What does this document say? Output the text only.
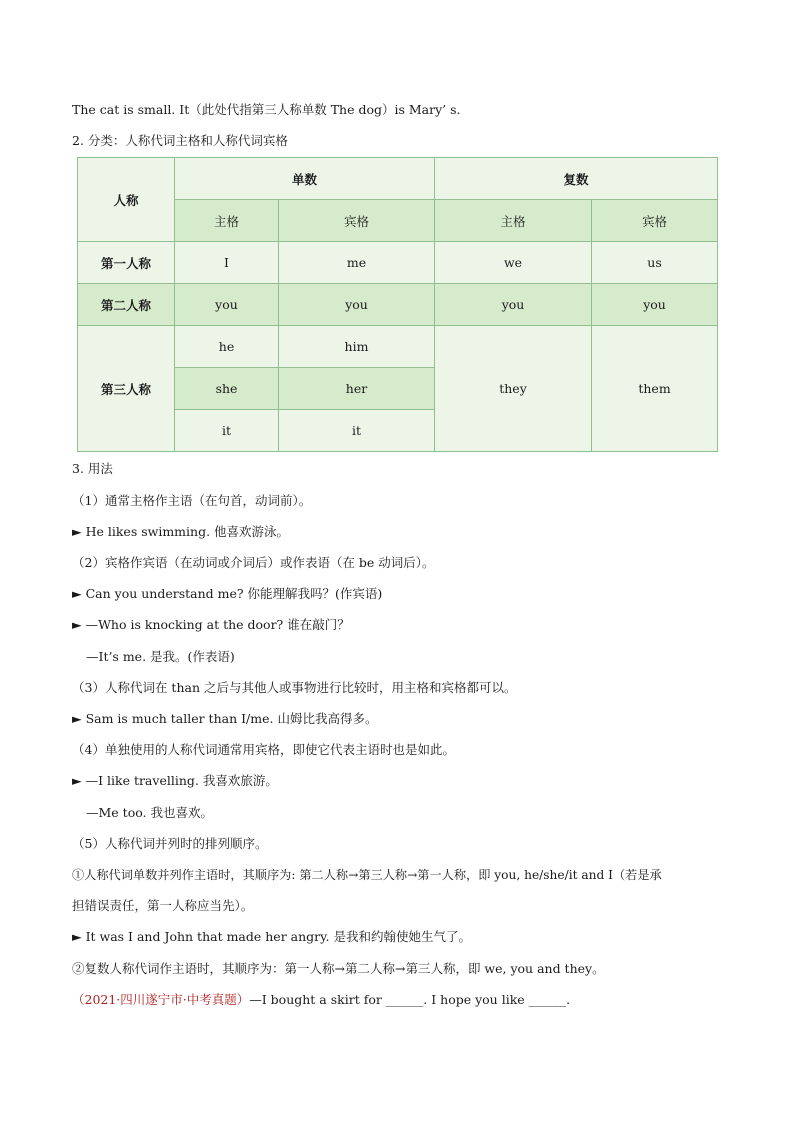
The cat is small. It（此处代指第三人称单数 The dog）is Mary’ s.
2. 分类：人称代词主格和人称代词宾格
人称	单数		复数	
	主格	宾格	主格	宾格
第一人称	I	me	we	us
第二人称	you	you	you	you
第三人称	he	him	they	them
	she	her		
	it	it		
3. 用法
（1）通常主格作主语（在句首，动词前）。
► He likes swimming. 他喜欢游泳。
（2）宾格作宾语（在动词或介词后）或作表语（在 be 动词后）。
► Can you understand me? 你能理解我吗？(作宾语)
► —Who is knocking at the door? 谁在敲门？
—It’s me. 是我。(作表语)
（3）人称代词在 than 之后与其他人或事物进行比较时，用主格和宾格都可以。
► Sam is much taller than I/me. 山姆比我高得多。
（4）单独使用的人称代词通常用宾格，即使它代表主语时也是如此。
► —I like travelling. 我喜欢旅游。
—Me too. 我也喜欢。
（5）人称代词并列时的排列顺序。
①人称代词单数并列作主语时，其顺序为: 第二人称→第三人称→第一人称，即 you, he/she/it and I（若是承
担错误责任，第一人称应当先）。
► It was I and John that made her angry. 是我和约翰使她生气了。
②复数人称代词作主语时，其顺序为：第一人称→第二人称→第三人称，即 we, you and they。
（2021·四川遂宁市·中考真题）—I bought a skirt for ______. I hope you like ______.
